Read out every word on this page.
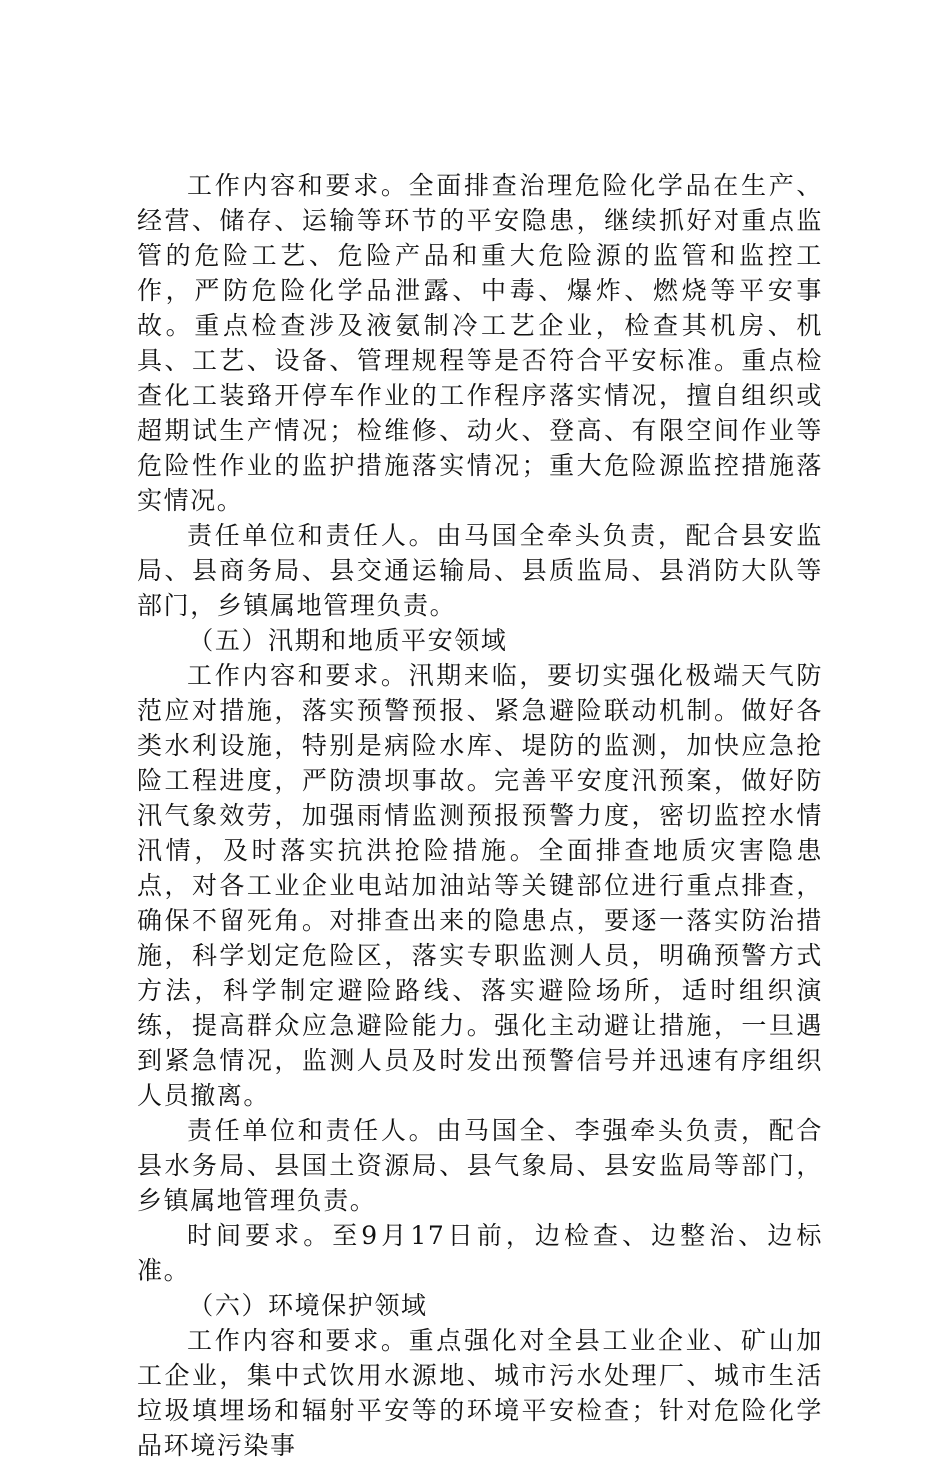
工作内容和要求。全面排查治理危险化学品在生产、经营、储存、运输等环节的平安隐患，继续抓好对重点监管的危险工艺、危险产品和重大危险源的监管和监控工作，严防危险化学品泄露、中毒、爆炸、燃烧等平安事故。重点检查涉及液氨制冷工艺企业，检查其机房、机具、工艺、设备、管理规程等是否符合平安标准。重点检查化工装臵开停车作业的工作程序落实情况，擅自组织或超期试生产情况；检维修、动火、登高、有限空间作业等危险性作业的监护措施落实情况；重大危险源监控措施落实情况。

责任单位和责任人。由马国全牵头负责，配合县安监局、县商务局、县交通运输局、县质监局、县消防大队等部门，乡镇属地管理负责。

（五）汛期和地质平安领域

工作内容和要求。汛期来临，要切实强化极端天气防范应对措施，落实预警预报、紧急避险联动机制。做好各类水利设施，特别是病险水库、堤防的监测，加快应急抢险工程进度，严防溃坝事故。完善平安度汛预案，做好防汛气象效劳，加强雨情监测预报预警力度，密切监控水情汛情，及时落实抗洪抢险措施。全面排查地质灾害隐患点，对各工业企业电站加油站等关键部位进行重点排查，确保不留死角。对排查出来的隐患点，要逐一落实防治措施，科学划定危险区，落实专职监测人员，明确预警方式方法，科学制定避险路线、落实避险场所，适时组织演练，提高群众应急避险能力。强化主动避让措施，一旦遇到紧急情况，监测人员及时发出预警信号并迅速有序组织人员撤离。

责任单位和责任人。由马国全、李强牵头负责，配合县水务局、县国土资源局、县气象局、县安监局等部门，乡镇属地管理负责。

时间要求。至9月17日前，边检查、边整治、边标准。

（六）环境保护领域

工作内容和要求。重点强化对全县工业企业、矿山加工企业，集中式饮用水源地、城市污水处理厂、城市生活垃圾填埋场和辐射平安等的环境平安检查；针对危险化学品环境污染事
